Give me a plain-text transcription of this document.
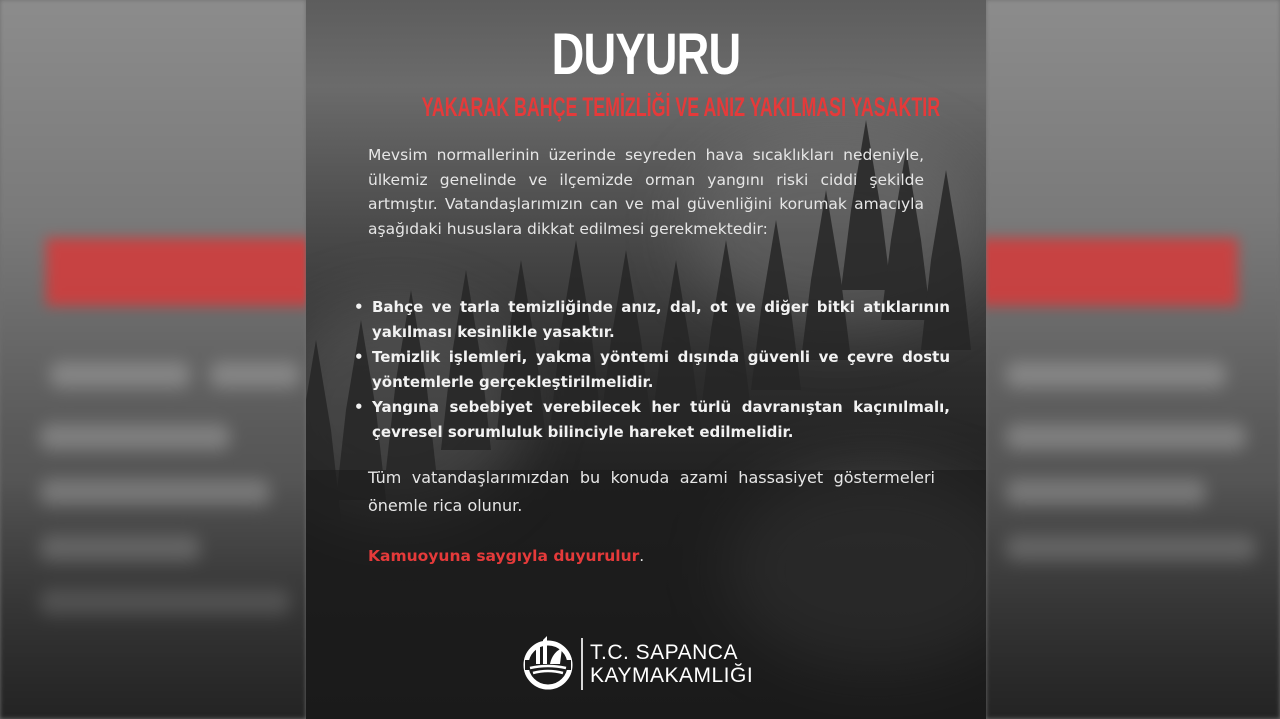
DUYURU
YAKARAK BAHÇE TEMİZLİĞİ VE ANIZ YAKILMASI YASAKTIR

Mevsim normallerinin üzerinde seyreden hava sıcaklıkları nedeniyle, ülkemiz genelinde ve ilçemizde orman yangını riski ciddi şekilde artmıştır. Vatandaşlarımızın can ve mal güvenliğini korumak amacıyla aşağıdaki hususlara dikkat edilmesi gerekmektedir:

• Bahçe ve tarla temizliğinde anız, dal, ot ve diğer bitki atıklarının yakılması kesinlikle yasaktır.
• Temizlik işlemleri, yakma yöntemi dışında güvenli ve çevre dostu yöntemlerle gerçekleştirilmelidir.
• Yangına sebebiyet verebilecek her türlü davranıştan kaçınılmalı, çevresel sorumluluk bilinciyle hareket edilmelidir.

Tüm vatandaşlarımızdan bu konuda azami hassasiyet göstermeleri önemle rica olunur.

Kamuoyuna saygıyla duyurulur.
T.C. SAPANCA
KAYMAKAMLIĞI
